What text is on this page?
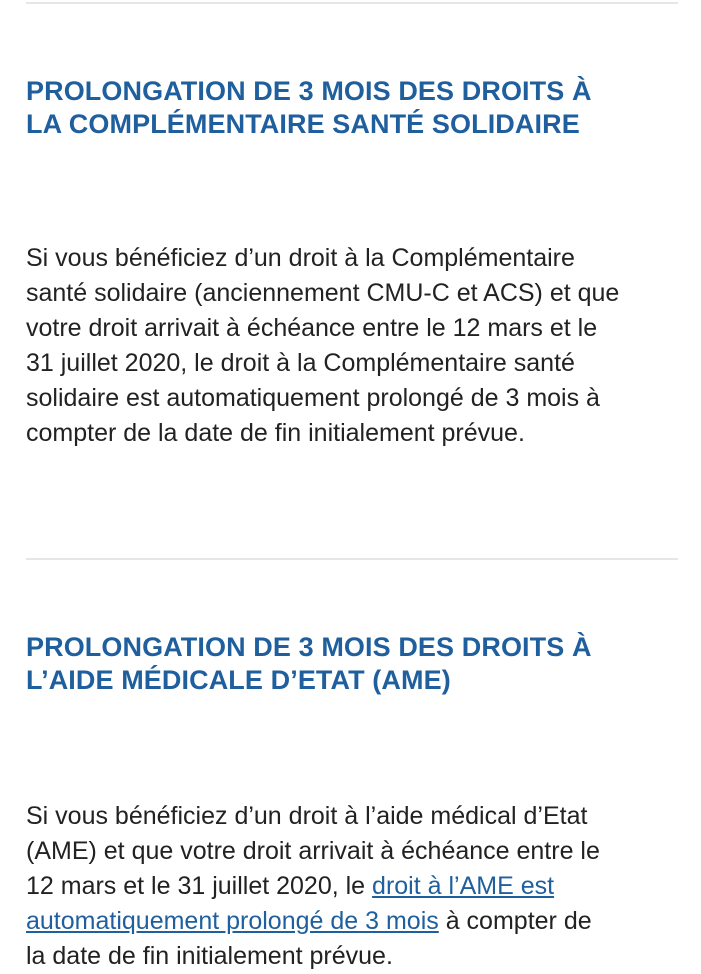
PROLONGATION DE 3 MOIS DES DROITS À
LA COMPLÉMENTAIRE SANTÉ SOLIDAIRE

Si vous bénéficiez d’un droit à la Complémentaire
santé solidaire (anciennement CMU-C et ACS) et que
votre droit arrivait à échéance entre le 12 mars et le
31 juillet 2020, le droit à la Complémentaire santé
solidaire est automatiquement prolongé de 3 mois à
compter de la date de fin initialement prévue.

PROLONGATION DE 3 MOIS DES DROITS À
L’AIDE MÉDICALE D’ETAT (AME)

Si vous bénéficiez d’un droit à l’aide médical d’Etat
(AME) et que votre droit arrivait à échéance entre le
12 mars et le 31 juillet 2020, le droit à l’AME est
automatiquement prolongé de 3 mois à compter de
la date de fin initialement prévue.
